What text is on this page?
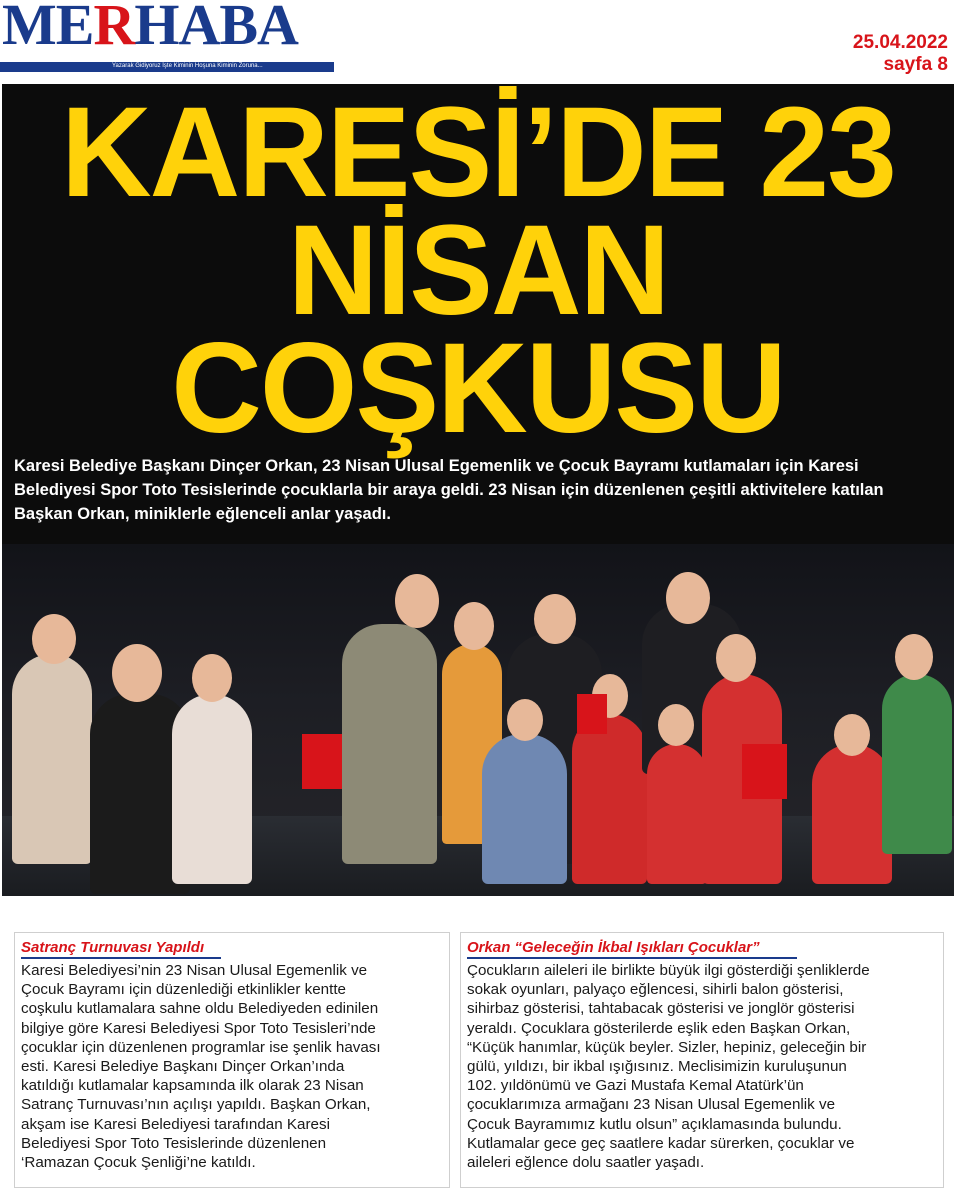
MERHABA
Yazarak Gidiyoruz İşte Kiminin Hoşuna Kiminin Zoruna...
25.04.2022
sayfa 8
KARESİ’DE 23
NİSAN COŞKUSU
Karesi Belediye Başkanı Dinçer Orkan, 23 Nisan Ulusal Egemenlik ve Çocuk Bayramı kutlamaları için Karesi Belediyesi Spor Toto Tesislerinde çocuklarla bir araya geldi. 23 Nisan için düzenlenen çeşitli aktivitelere katılan Başkan Orkan, miniklerle eğlenceli anlar yaşadı.
Satranç Turnuvası Yapıldı
Karesi Belediyesi’nin 23 Nisan Ulusal Egemenlik ve
Çocuk Bayramı için düzenlediği etkinlikler kentte
coşkulu kutlamalara sahne oldu Belediyeden edinilen
bilgiye göre Karesi Belediyesi Spor Toto Tesisleri’nde
çocuklar için düzenlenen programlar ise şenlik havası
esti. Karesi Belediye Başkanı Dinçer Orkan’ında
katıldığı kutlamalar kapsamında ilk olarak 23 Nisan
Satranç Turnuvası’nın açılışı yapıldı. Başkan Orkan,
akşam ise Karesi Belediyesi tarafından Karesi
Belediyesi Spor Toto Tesislerinde düzenlenen
‘Ramazan Çocuk Şenliği’ne katıldı.
Orkan “Geleceğin İkbal Işıkları Çocuklar”
Çocukların aileleri ile birlikte büyük ilgi gösterdiği şenliklerde
sokak oyunları, palyaço eğlencesi, sihirli balon gösterisi,
sihirbaz gösterisi, tahtabacak gösterisi ve jonglör gösterisi
yeraldı. Çocuklara gösterilerde eşlik eden Başkan Orkan,
“Küçük hanımlar, küçük beyler. Sizler, hepiniz, geleceğin bir
gülü, yıldızı, bir ikbal ışığısınız. Meclisimizin kuruluşunun
102. yıldönümü ve Gazi Mustafa Kemal Atatürk’ün
çocuklarımıza armağanı 23 Nisan Ulusal Egemenlik ve
Çocuk Bayramımız kutlu olsun” açıklamasında bulundu.
Kutlamalar gece geç saatlere kadar sürerken, çocuklar ve
aileleri eğlence dolu saatler yaşadı.
